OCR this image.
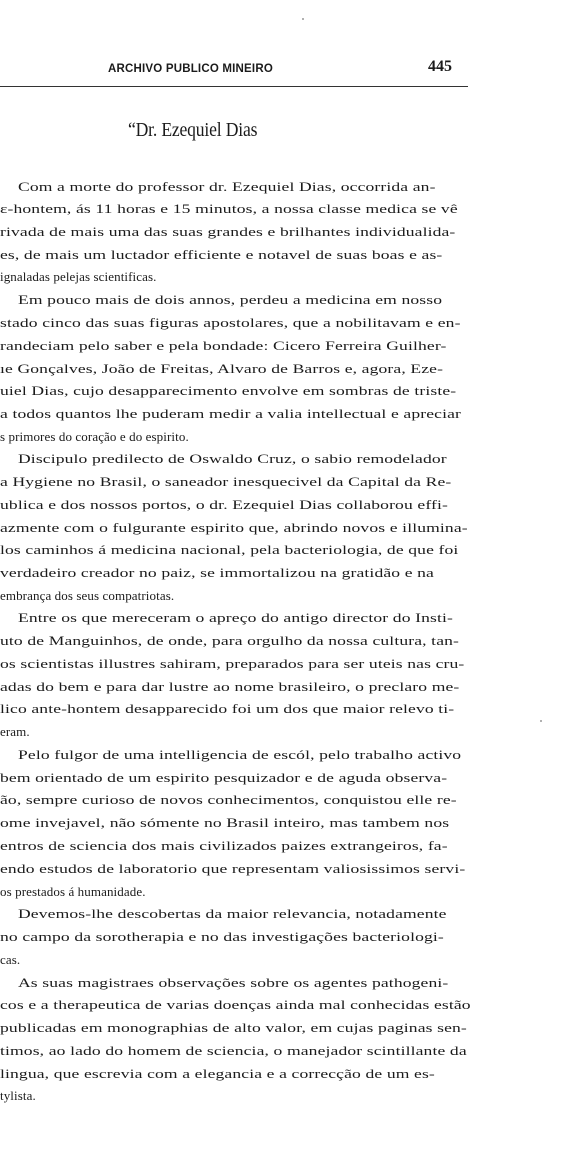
ARCHIVO PUBLICO MINEIRO	445
“Dr. Ezequiel Dias
Com a morte do professor dr. Ezequiel Dias, occorrida an-
ɛ-hontem, ás 11 horas e 15 minutos, a nossa classe medica se vê
rivada de mais uma das suas grandes e brilhantes individualida-
es, de mais um luctador efficiente e notavel de suas boas e as-
ignaladas pelejas scientificas.
Em pouco mais de dois annos, perdeu a medicina em nosso
stado cinco das suas figuras apostolares, que a nobilitavam e en-
randeciam pelo saber e pela bondade: Cicero Ferreira Guilher-
ıe Gonçalves, João de Freitas, Alvaro de Barros e, agora, Eze-
uiel Dias, cujo desapparecimento envolve em sombras de triste-
a todos quantos lhe puderam medir a valia intellectual e apreciar
s primores do coração e do espirito.
Discipulo predilecto de Oswaldo Cruz, o sabio remodelador
a Hygiene no Brasil, o saneador inesquecivel da Capital da Re-
ublica e dos nossos portos, o dr. Ezequiel Dias collaborou effi-
azmente com o fulgurante espirito que, abrindo novos e illumina-
los caminhos á medicina nacional, pela bacteriologia, de que foi
verdadeiro creador no paiz, se immortalizou na gratidão e na
embrança dos seus compatriotas.
Entre os que mereceram o apreço do antigo director do Insti-
uto de Manguinhos, de onde, para orgulho da nossa cultura, tan-
os scientistas illustres sahiram, preparados para ser uteis nas cru-
adas do bem e para dar lustre ao nome brasileiro, o preclaro me-
lico ante-hontem desapparecido foi um dos que maior relevo ti-
eram.
Pelo fulgor de uma intelligencia de escól, pelo trabalho activo
bem orientado de um espirito pesquizador e de aguda observa-
ão, sempre curioso de novos conhecimentos, conquistou elle re-
ome invejavel, não sómente no Brasil inteiro, mas tambem nos
entros de sciencia dos mais civilizados paizes extrangeiros, fa-
endo estudos de laboratorio que representam valiosissimos servi-
os prestados á humanidade.
Devemos-lhe descobertas da maior relevancia, notadamente
no campo da sorotherapia e no das investigações bacteriologi-
cas.
As suas magistraes observações sobre os agentes pathogeni-
cos e a therapeutica de varias doenças ainda mal conhecidas estão
publicadas em monographias de alto valor, em cujas paginas sen-
timos, ao lado do homem de sciencia, o manejador scintillante da
lingua, que escrevia com a elegancia e a correcção de um es-
tylista.
